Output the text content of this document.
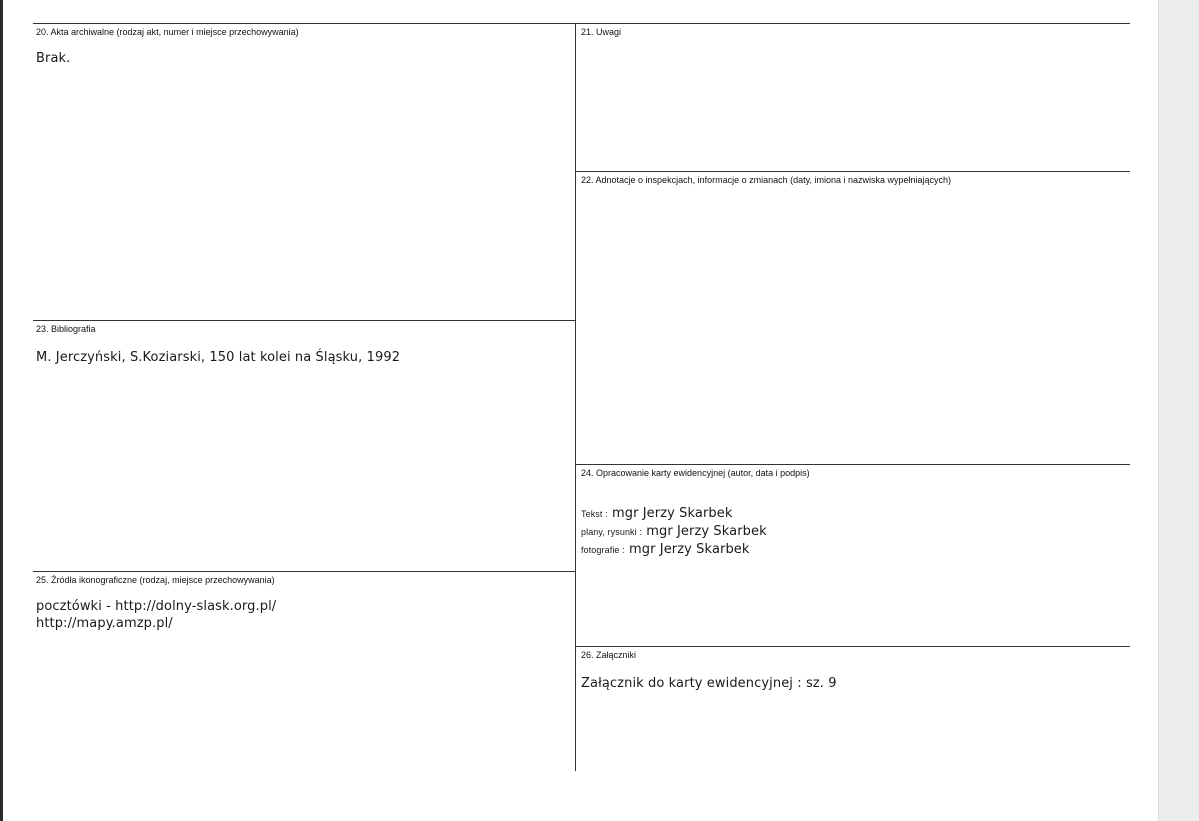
20. Akta archiwalne (rodzaj akt, numer i miejsce przechowywania)
Brak.
21. Uwagi
22. Adnotacje o inspekcjach, informacje o zmianach (daty, imiona i nazwiska wypełniających)
23. Bibliografia
M. Jerczyński, S.Koziarski, 150 lat kolei na Śląsku, 1992
24. Opracowanie karty ewidencyjnej (autor, data i podpis)
Tekst : mgr Jerzy Skarbek
plany, rysunki : mgr Jerzy Skarbek
fotografie : mgr Jerzy Skarbek
25. Źródła ikonograficzne (rodzaj, miejsce przechowywania)
pocztówki - http://dolny-slask.org.pl/
http://mapy.amzp.pl/
26. Załączniki
Załącznik do karty ewidencyjnej : sz. 9
